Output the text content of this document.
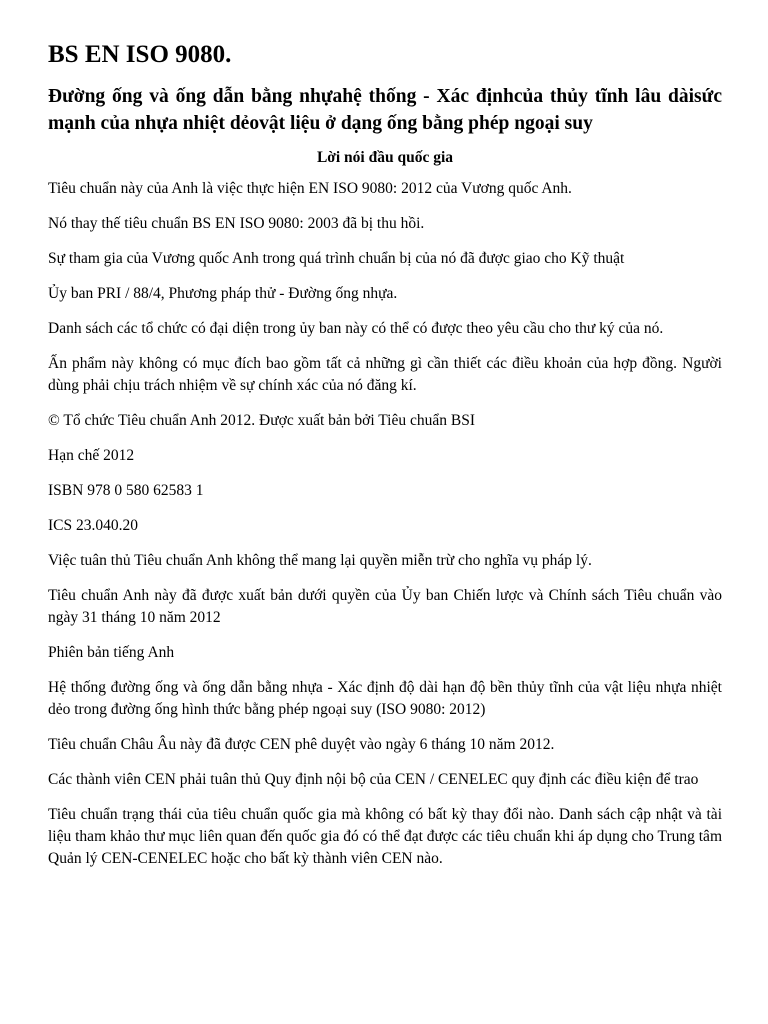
BS EN ISO 9080.
Đường ống và ống dẫn bằng nhựahệ thống - Xác địnhcủa thủy tĩnh lâu dàisức mạnh của nhựa nhiệt dẻovật liệu ở dạng ống bằng phép ngoại suy
Lời nói đầu quốc gia

Tiêu chuẩn này của Anh là việc thực hiện EN ISO 9080: 2012 của Vương quốc Anh.

Nó thay thế tiêu chuẩn BS EN ISO 9080: 2003 đã bị thu hồi.

Sự tham gia của Vương quốc Anh trong quá trình chuẩn bị của nó đã được giao cho Kỹ thuật

Ủy ban PRI / 88/4, Phương pháp thử - Đường ống nhựa.

Danh sách các tổ chức có đại diện trong ủy ban này có thể có được theo yêu cầu cho thư ký của nó.

Ấn phẩm này không có mục đích bao gồm tất cả những gì cần thiết các điều khoản của hợp đồng. Người dùng phải chịu trách nhiệm về sự chính xác của nó đăng kí.

© Tổ chức Tiêu chuẩn Anh 2012. Được xuất bản bởi Tiêu chuẩn BSI

Hạn chế 2012

ISBN 978 0 580 62583 1

ICS 23.040.20

Việc tuân thủ Tiêu chuẩn Anh không thể mang lại quyền miễn trừ cho nghĩa vụ pháp lý.

Tiêu chuẩn Anh này đã được xuất bản dưới quyền của Ủy ban Chiến lược và Chính sách Tiêu chuẩn vào ngày 31 tháng 10 năm 2012

Phiên bản tiếng Anh

Hệ thống đường ống và ống dẫn bằng nhựa - Xác định độ dài hạn độ bền thủy tĩnh của vật liệu nhựa nhiệt dẻo trong đường ống hình thức bằng phép ngoại suy (ISO 9080: 2012)

Tiêu chuẩn Châu Âu này đã được CEN phê duyệt vào ngày 6 tháng 10 năm 2012.

Các thành viên CEN phải tuân thủ Quy định nội bộ của CEN / CENELEC quy định các điều kiện để trao

Tiêu chuẩn trạng thái của tiêu chuẩn quốc gia mà không có bất kỳ thay đổi nào. Danh sách cập nhật và tài liệu tham khảo thư mục liên quan đến quốc gia đó có thể đạt được các tiêu chuẩn khi áp dụng cho Trung tâm Quản lý CEN-CENELEC hoặc cho bất kỳ thành viên CEN nào.
